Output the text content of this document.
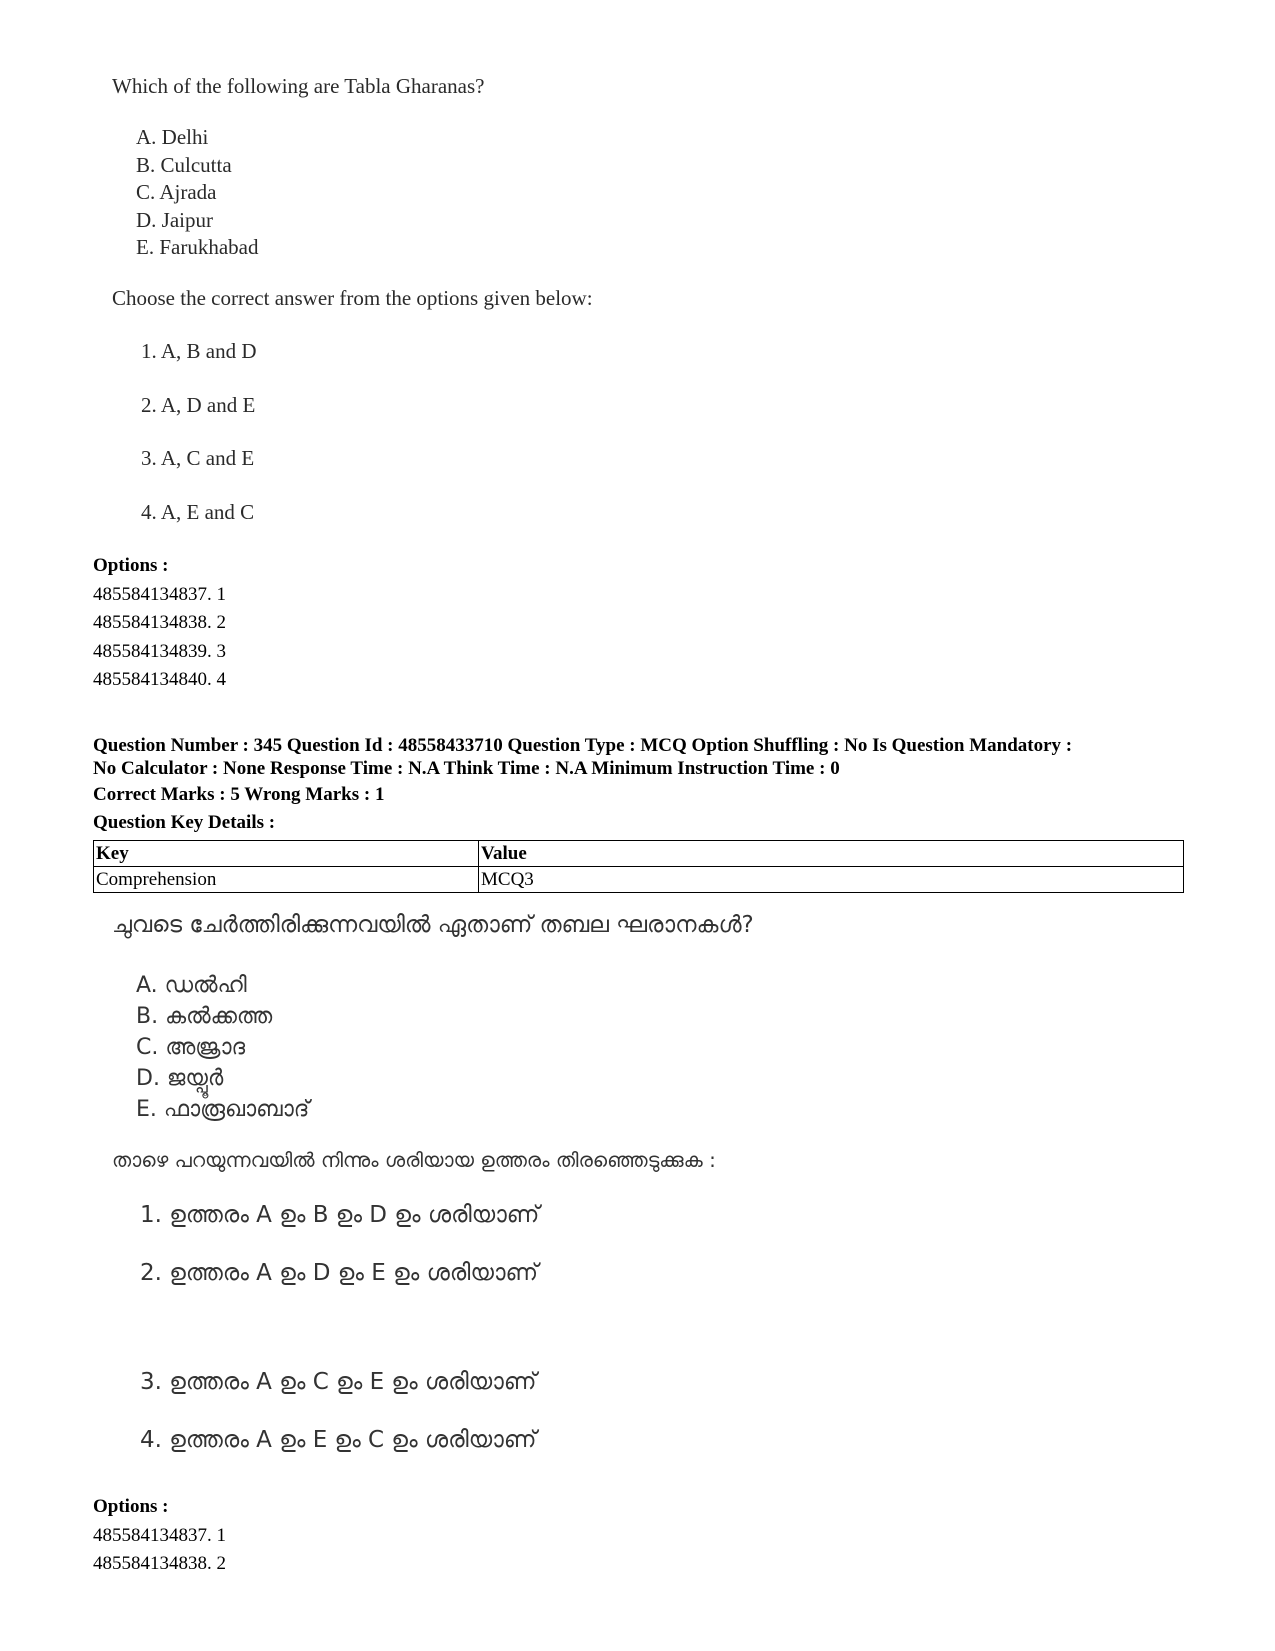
Which of the following are Tabla Gharanas?
A. Delhi
B. Culcutta
C. Ajrada
D. Jaipur
E. Farukhabad
Choose the correct answer from the options given below:
1. A, B and D
2. A, D and E
3. A, C and E
4. A, E and C
Options :
485584134837. 1
485584134838. 2
485584134839. 3
485584134840. 4

Question Number : 345 Question Id : 48558433710 Question Type : MCQ Option Shuffling : No Is Question Mandatory :

No Calculator : None Response Time : N.A Think Time : N.A Minimum Instruction Time : 0

Correct Marks : 5 Wrong Marks : 1
Question Key Details :
Key	Value
Comprehension	MCQ3
ചുവടെ ചേർത്തിരിക്കുന്നവയിൽ ഏതാണ് തബല ഘരാനകൾ?
A. ഡൽഹി
B. കൽക്കത്ത
C. അജ്രാദ
D. ജയ്പൂർ
E. ഫാരൂഖാബാദ്
താഴെ പറയുന്നവയിൽ നിന്നും ശരിയായ ഉത്തരം തിരഞ്ഞെടുക്കുക :
1. ഉത്തരം A ഉം B ഉം D ഉം ശരിയാണ്
2. ഉത്തരം A ഉം D ഉം E ഉം ശരിയാണ്
3. ഉത്തരം A ഉം C ഉം E ഉം ശരിയാണ്
4. ഉത്തരം A ഉം E ഉം C ഉം ശരിയാണ്
Options :
485584134837. 1
485584134838. 2
